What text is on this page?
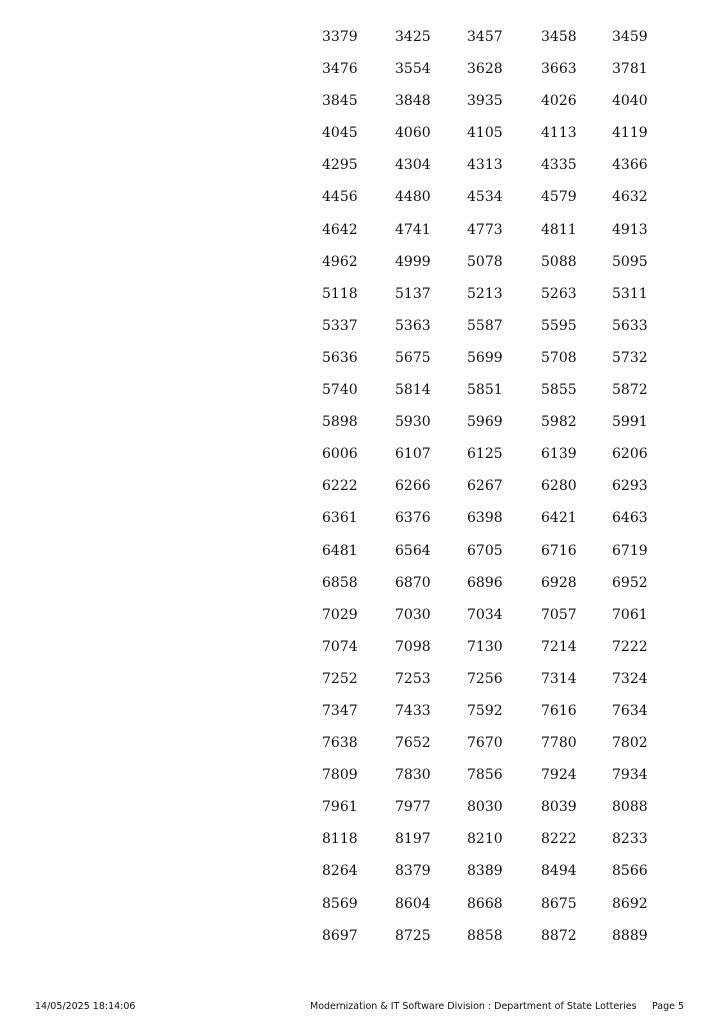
3379	3425	3457	3458	3459
3476	3554	3628	3663	3781
3845	3848	3935	4026	4040
4045	4060	4105	4113	4119
4295	4304	4313	4335	4366
4456	4480	4534	4579	4632
4642	4741	4773	4811	4913
4962	4999	5078	5088	5095
5118	5137	5213	5263	5311
5337	5363	5587	5595	5633
5636	5675	5699	5708	5732
5740	5814	5851	5855	5872
5898	5930	5969	5982	5991
6006	6107	6125	6139	6206
6222	6266	6267	6280	6293
6361	6376	6398	6421	6463
6481	6564	6705	6716	6719
6858	6870	6896	6928	6952
7029	7030	7034	7057	7061
7074	7098	7130	7214	7222
7252	7253	7256	7314	7324
7347	7433	7592	7616	7634
7638	7652	7670	7780	7802
7809	7830	7856	7924	7934
7961	7977	8030	8039	8088
8118	8197	8210	8222	8233
8264	8379	8389	8494	8566
8569	8604	8668	8675	8692
8697	8725	8858	8872	8889
14/05/2025 18:14:06	Modernization & IT Software Division : Department of State Lotteries Page 5
